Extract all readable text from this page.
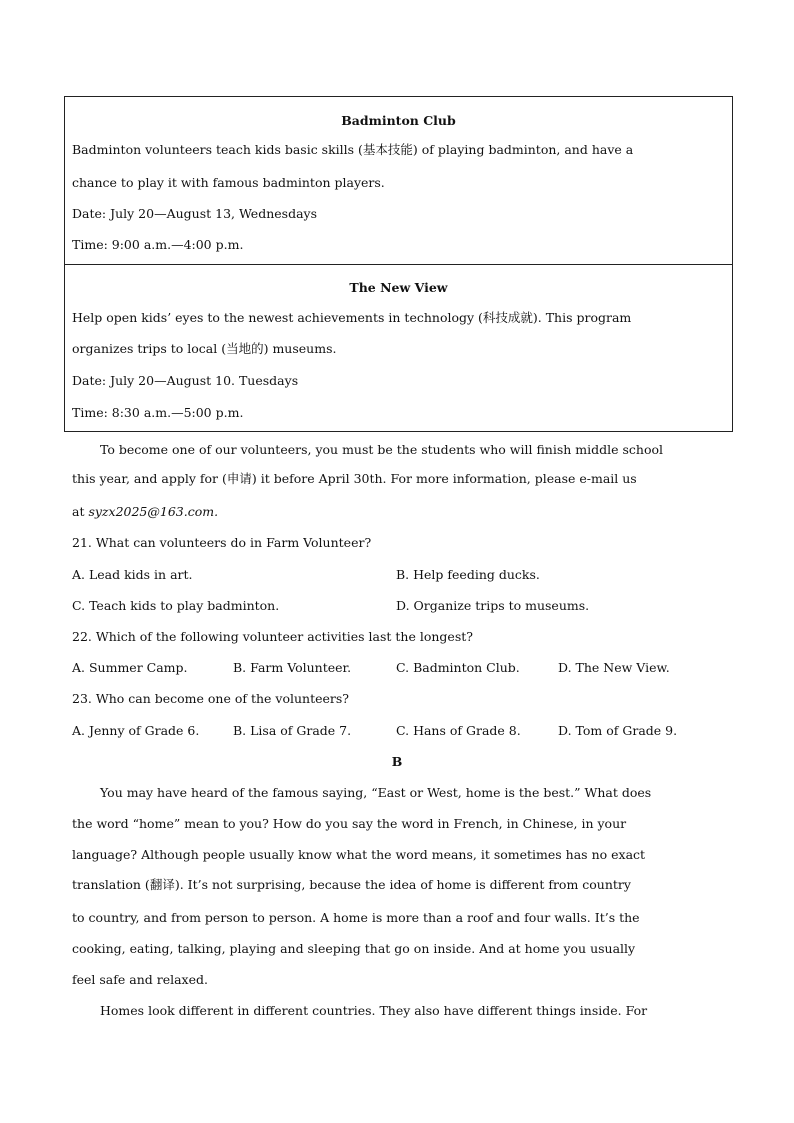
Badminton Club
Badminton volunteers teach kids basic skills (基本技能) of playing badminton, and have a
chance to play it with famous badminton players.
Date: July 20—August 13, Wednesdays
Time: 9:00 a.m.—4:00 p.m.
The New View
Help open kids’ eyes to the newest achievements in technology (科技成就). This program
organizes trips to local (当地的) museums.
Date: July 20—August 10. Tuesdays
Time: 8:30 a.m.—5:00 p.m.
To become one of our volunteers, you must be the students who will finish middle school
this year, and apply for (申请) it before April 30th. For more information, please e-mail us
at syzx2025@163.com.
21. What can volunteers do in Farm Volunteer?
A. Lead kids in art.	B. Help feeding ducks.
C. Teach kids to play badminton.	D. Organize trips to museums.
22. Which of the following volunteer activities last the longest?
A. Summer Camp.	B. Farm Volunteer.	C. Badminton Club.	D. The New View.
23. Who can become one of the volunteers?
A. Jenny of Grade 6.	B. Lisa of Grade 7.	C. Hans of Grade 8.	D. Tom of Grade 9.
B
You may have heard of the famous saying, “East or West, home is the best.” What does
the word “home” mean to you? How do you say the word in French, in Chinese, in your
language? Although people usually know what the word means, it sometimes has no exact
translation (翻译). It’s not surprising, because the idea of home is different from country
to country, and from person to person. A home is more than a roof and four walls. It’s the
cooking, eating, talking, playing and sleeping that go on inside. And at home you usually
feel safe and relaxed.
Homes look different in different countries. They also have different things inside. For
